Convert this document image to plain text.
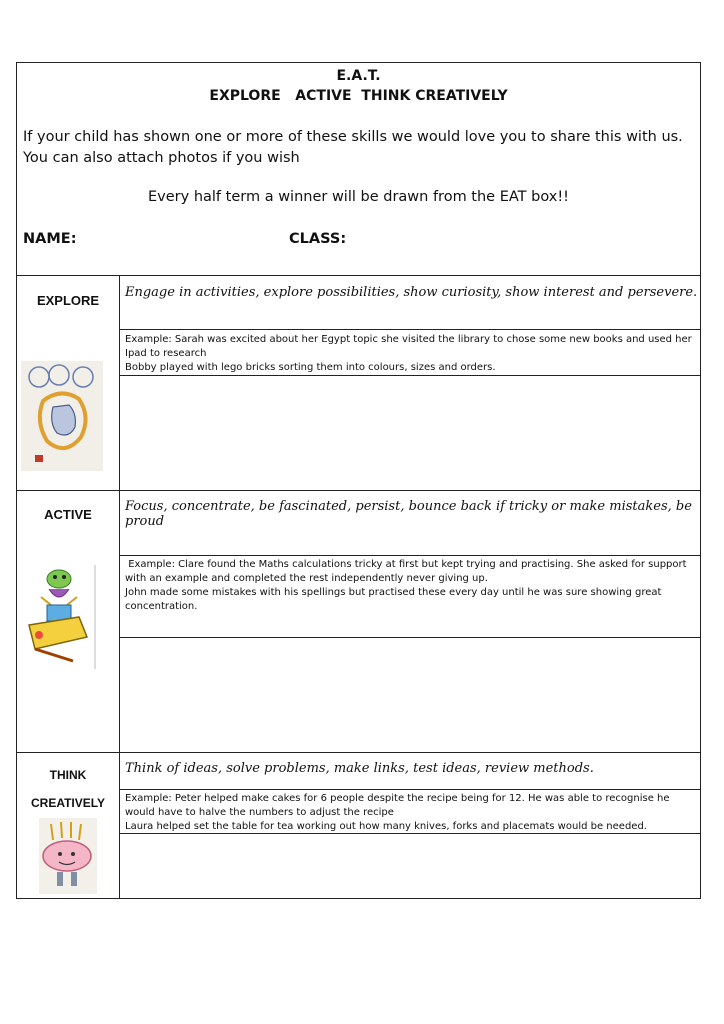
E.A.T.
EXPLORE   ACTIVE  THINK CREATIVELY
If your child has shown one or more of these skills we would love you to share this with us. You can also attach photos if you wish
Every half term a winner will be drawn from the EAT box!!
NAME:	CLASS:
EXPLORE
Engage in activities, explore possibilities, show curiosity, show interest and persevere.
Example: Sarah was excited about her Egypt topic she visited the library to chose some new books and used her Ipad to research
Bobby played with lego bricks sorting them into colours, sizes and orders.
ACTIVE
Focus, concentrate, be fascinated, persist, bounce back if tricky or make mistakes, be proud
Example: Clare found the Maths calculations tricky at first but kept trying and practising. She asked for support with an example and completed the rest independently never giving up.
John made some mistakes with his spellings but practised these every day until he was sure showing great concentration.
THINK
CREATIVELY
Think of ideas, solve problems, make links, test ideas, review methods.
Example: Peter helped make cakes for 6 people despite the recipe being for 12. He was able to recognise he would have to halve the numbers to adjust the recipe
Laura helped set the table for tea working out how many knives, forks and placemats would be needed.
